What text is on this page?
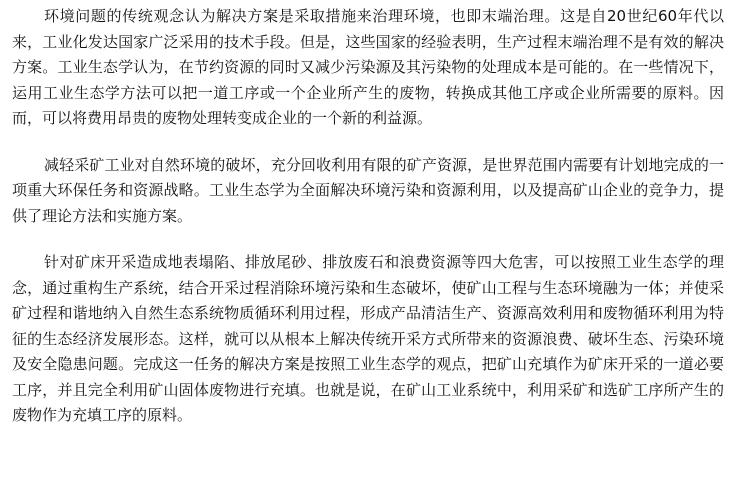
环境问题的传统观念认为解决方案是采取措施来治理环境，也即末端治理。这是自20世纪60年代以来，工业化发达国家广泛采用的技术手段。但是，这些国家的经验表明，生产过程末端治理不是有效的解决方案。工业生态学认为，在节约资源的同时又减少污染源及其污染物的处理成本是可能的。在一些情况下，运用工业生态学方法可以把一道工序或一个企业所产生的废物，转换成其他工序或企业所需要的原料。因而，可以将费用昂贵的废物处理转变成企业的一个新的利益源。

减轻采矿工业对自然环境的破坏，充分回收利用有限的矿产资源，是世界范围内需要有计划地完成的一项重大环保任务和资源战略。工业生态学为全面解决环境污染和资源利用，以及提高矿山企业的竞争力，提供了理论方法和实施方案。

针对矿床开采造成地表塌陷、排放尾砂、排放废石和浪费资源等四大危害，可以按照工业生态学的理念，通过重构生产系统，结合开采过程消除环境污染和生态破坏，使矿山工程与生态环境融为一体；并使采矿过程和谐地纳入自然生态系统物质循环利用过程，形成产品清洁生产、资源高效利用和废物循环利用为特征的生态经济发展形态。这样，就可以从根本上解决传统开采方式所带来的资源浪费、破坏生态、污染环境及安全隐患问题。完成这一任务的解决方案是按照工业生态学的观点，把矿山充填作为矿床开采的一道必要工序，并且完全利用矿山固体废物进行充填。也就是说，在矿山工业系统中，利用采矿和选矿工序所产生的废物作为充填工序的原料。
